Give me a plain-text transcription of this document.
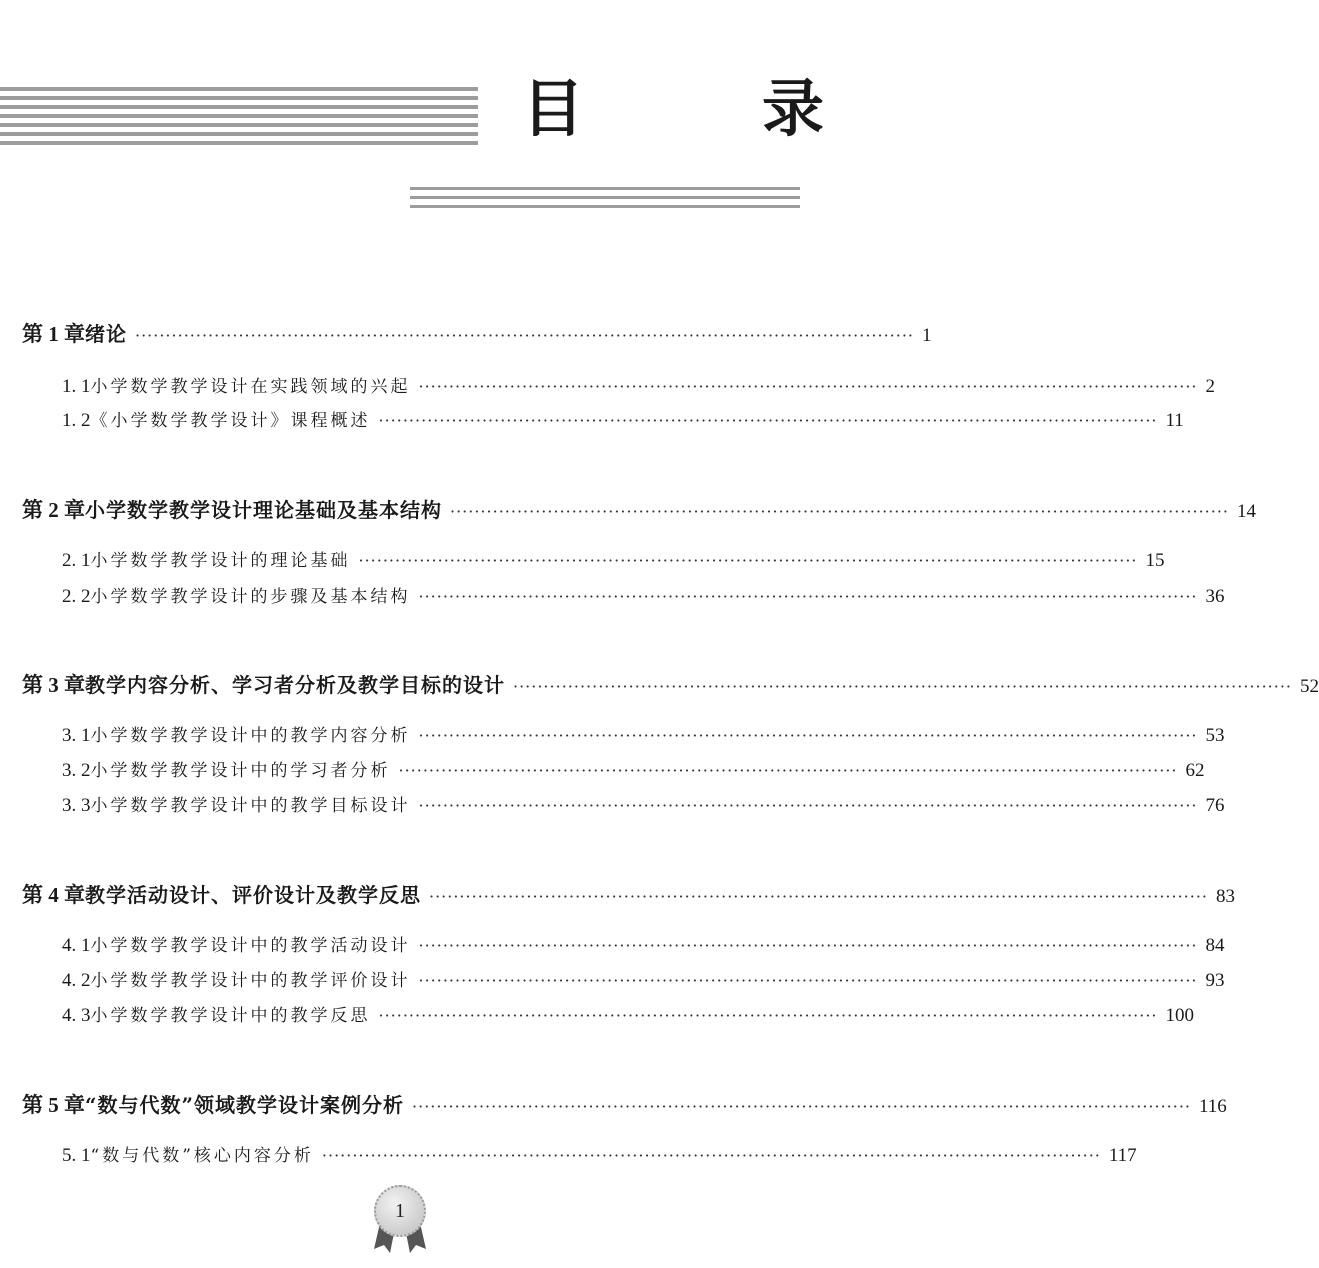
目　录
第 1 章 绪论 ·····	1
1. 1 小学数学教学设计在实践领域的兴起 ·····	2
1. 2 《小学数学教学设计》课程概述 ·····	11
第 2 章 小学数学教学设计理论基础及基本结构 ·····	14
2. 1 小学数学教学设计的理论基础 ·····	15
2. 2 小学数学教学设计的步骤及基本结构 ·····	36
第 3 章 教学内容分析、学习者分析及教学目标的设计 ·····	52
3. 1 小学数学教学设计中的教学内容分析 ·····	53
3. 2 小学数学教学设计中的学习者分析 ·····	62
3. 3 小学数学教学设计中的教学目标设计 ·····	76
第 4 章 教学活动设计、评价设计及教学反思 ·····	83
4. 1 小学数学教学设计中的教学活动设计 ·····	84
4. 2 小学数学教学设计中的教学评价设计 ·····	93
4. 3 小学数学教学设计中的教学反思 ·····	100
第 5 章 “数与代数”领域教学设计案例分析 ·····	116
5. 1 “数与代数”核心内容分析 ·····	117
1
